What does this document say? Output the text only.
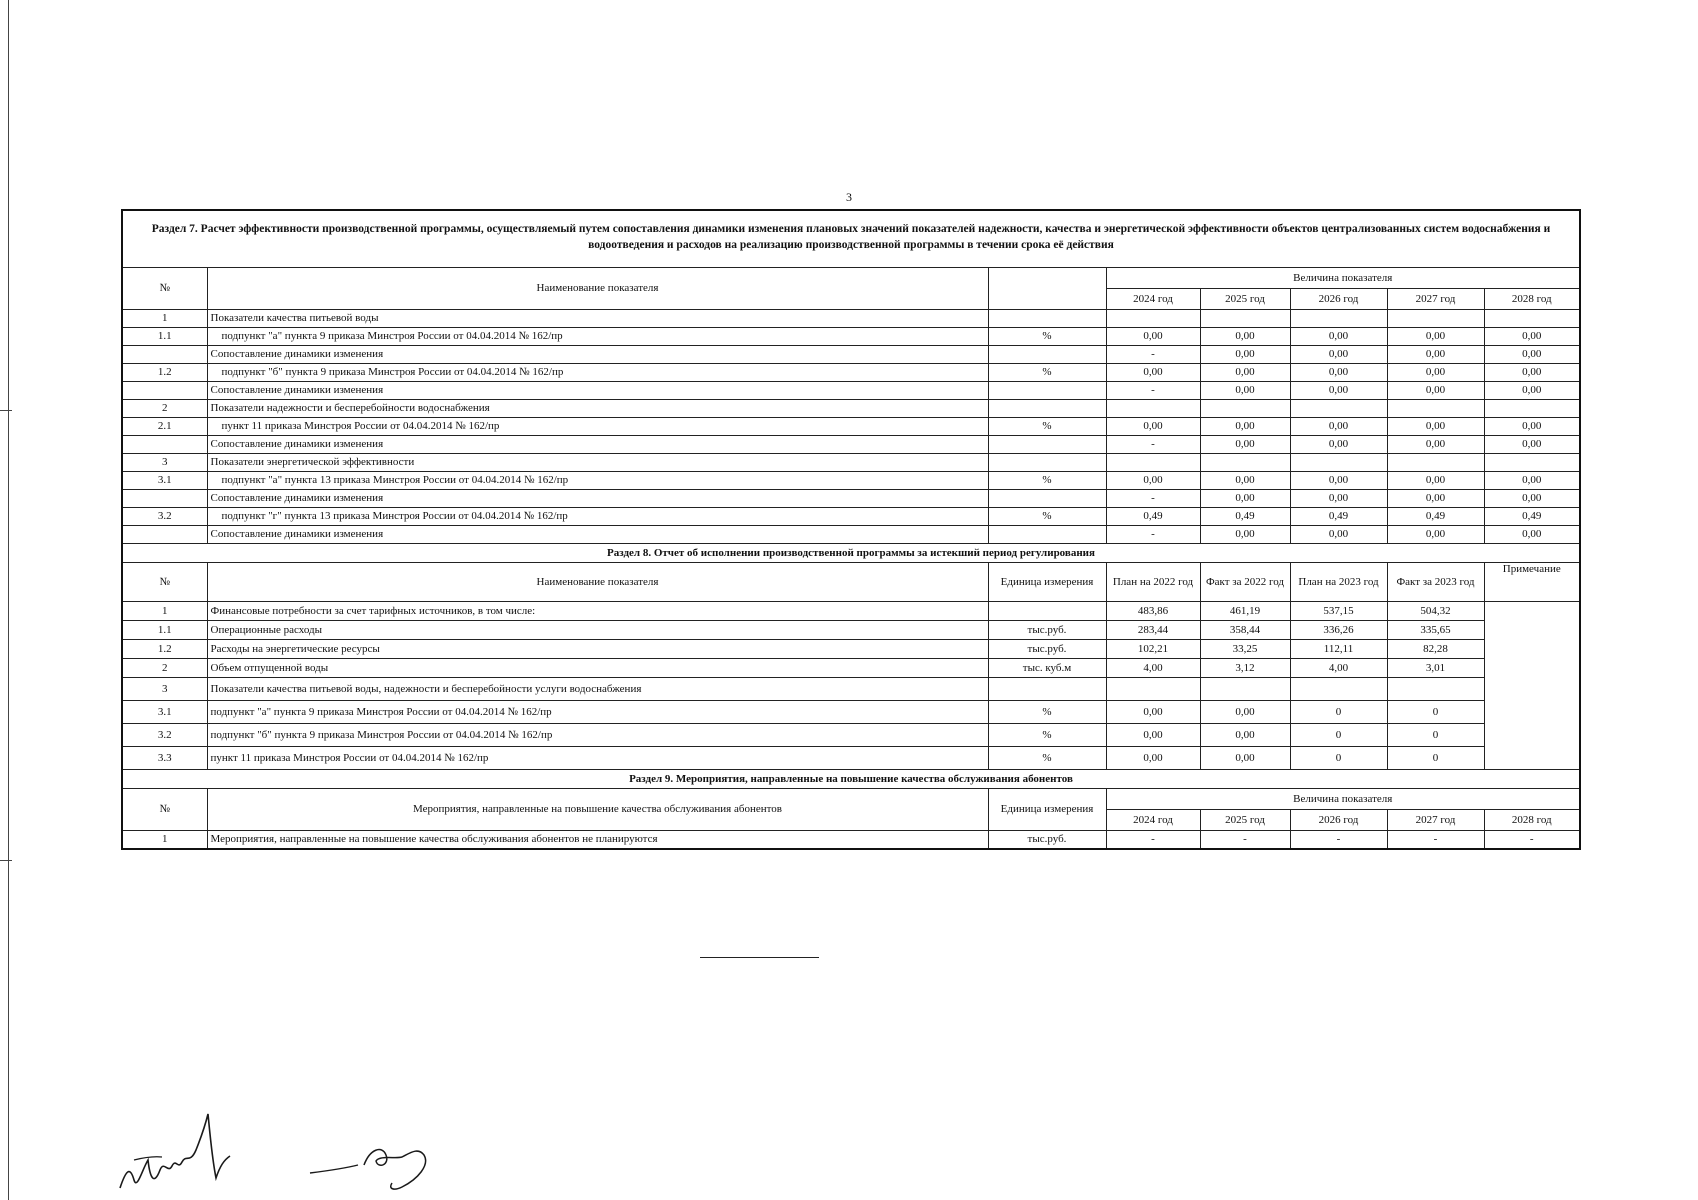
3
Раздел 7. Расчет эффективности производственной программы, осуществляемый путем сопоставления динамики изменения плановых значений показателей надежности, качества и энергетической эффективности объектов централизованных систем водоснабжения и водоотведения и расходов на реализацию производственной программы в течении срока её действия							
№	Наименование показателя		Величина показателя				
			2024 год	2025 год	2026 год	2027 год	2028 год
1	Показатели качества питьевой воды						
1.1	подпункт "а" пункта 9 приказа Минстроя России от 04.04.2014 № 162/пр	%	0,00	0,00	0,00	0,00	0,00
	Сопоставление динамики изменения		-	0,00	0,00	0,00	0,00
1.2	подпункт "б" пункта 9 приказа Минстроя России от 04.04.2014 № 162/пр	%	0,00	0,00	0,00	0,00	0,00
	Сопоставление динамики изменения		-	0,00	0,00	0,00	0,00
2	Показатели надежности и бесперебойности водоснабжения						
2.1	пункт 11 приказа Минстроя России от 04.04.2014 № 162/пр	%	0,00	0,00	0,00	0,00	0,00
	Сопоставление динамики изменения		-	0,00	0,00	0,00	0,00
3	Показатели энергетической эффективности						
3.1	подпункт "а" пункта 13 приказа Минстроя России от 04.04.2014 № 162/пр	%	0,00	0,00	0,00	0,00	0,00
	Сопоставление динамики изменения		-	0,00	0,00	0,00	0,00
3.2	подпункт "г" пункта 13 приказа Минстроя России от 04.04.2014 № 162/пр	%	0,49	0,49	0,49	0,49	0,49
	Сопоставление динамики изменения		-	0,00	0,00	0,00	0,00
Раздел 8. Отчет об исполнении производственной программы за истекший период регулирования							
№	Наименование показателя	Единица измерения	План на 2022 год	Факт за 2022 год	План на 2023 год	Факт за 2023 год	Примечание
1	Финансовые потребности за счет тарифных источников, в том числе:		483,86	461,19	537,15	504,32	
1.1	Операционные расходы	тыс.руб.	283,44	358,44	336,26	335,65	
1.2	Расходы на энергетические ресурсы	тыс.руб.	102,21	33,25	112,11	82,28	
2	Объем отпущенной воды	тыс. куб.м	4,00	3,12	4,00	3,01	
3	Показатели качества питьевой воды, надежности и бесперебойности услуги водоснабжения						
3.1	подпункт "а" пункта 9 приказа Минстроя России от 04.04.2014 № 162/пр	%	0,00	0,00	0	0	
3.2	подпункт "б" пункта 9 приказа Минстроя России от 04.04.2014 № 162/пр	%	0,00	0,00	0	0	
3.3	пункт 11 приказа Минстроя России от 04.04.2014 № 162/пр	%	0,00	0,00	0	0	
Раздел 9. Мероприятия, направленные на повышение качества обслуживания абонентов							
№	Мероприятия, направленные на повышение качества обслуживания абонентов	Единица измерения	Величина показателя				
			2024 год	2025 год	2026 год	2027 год	2028 год
1	Мероприятия, направленные на повышение качества обслуживания абонентов не планируются	тыс.руб.	-	-	-	-	-
